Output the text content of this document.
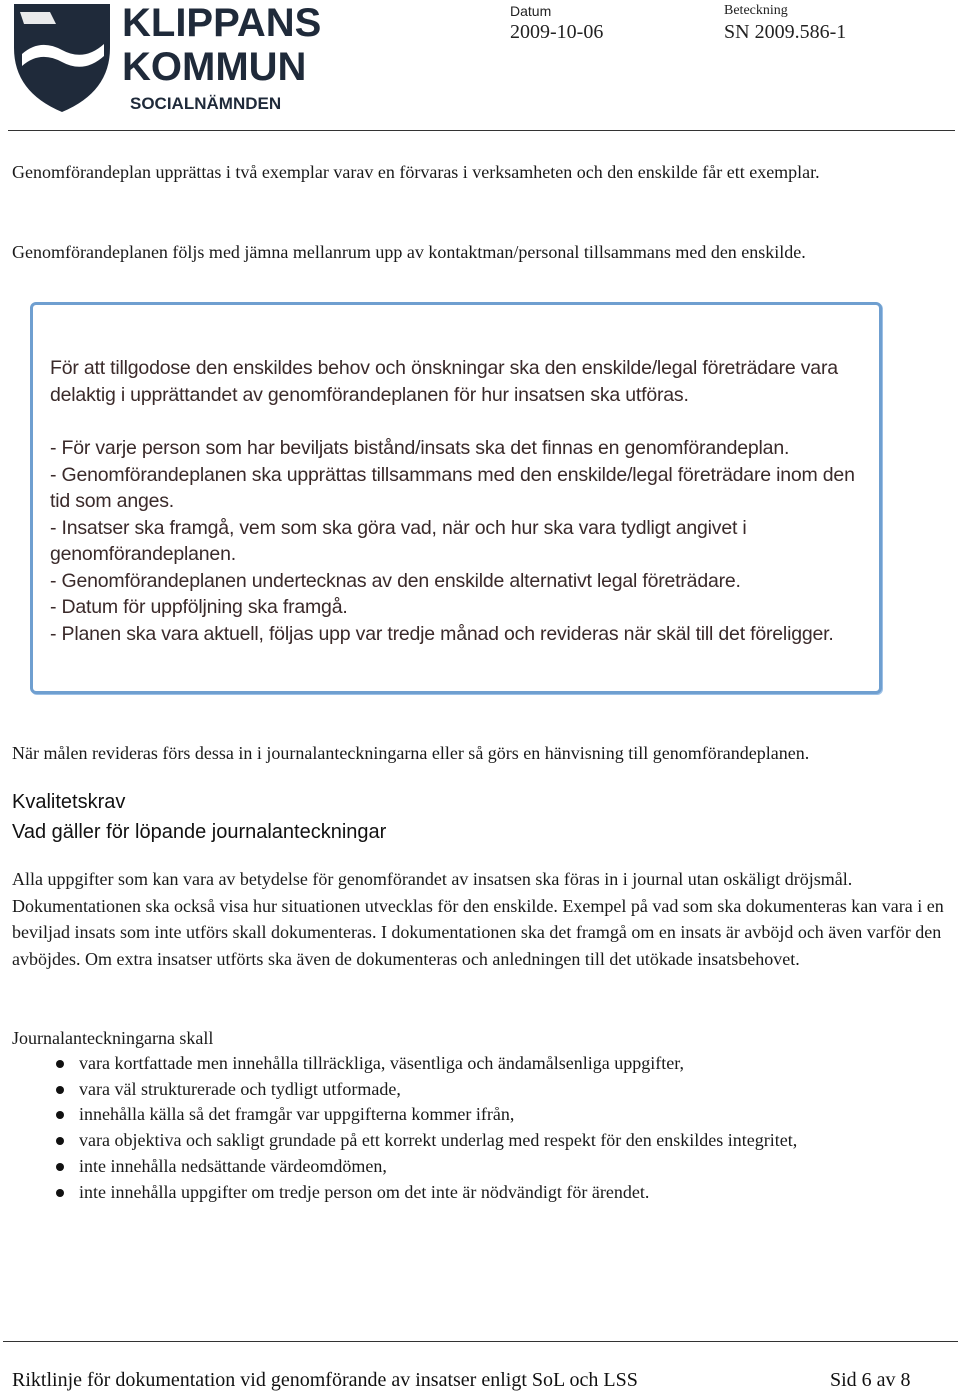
KLIPPANS
KOMMUN
SOCIALNÄMNDEN
Datum
2009-10-06
Beteckning
SN 2009.586-1
Genomförandeplan upprättas i två exemplar varav en förvaras i verksamheten och den enskilde får ett exemplar.
Genomförandeplanen följs med jämna mellanrum upp av kontaktman/personal tillsammans med den enskilde.

För att tillgodose den enskildes behov och önskningar ska den enskilde/legal företrädare vara delaktig i upprättandet av genomförandeplanen för hur insatsen ska utföras.

- För varje person som har beviljats bistånd/insats ska det finnas en genomförandeplan.

- Genomförandeplanen ska upprättas tillsammans med den enskilde/legal företrädare inom den tid som anges.

- Insatser ska framgå, vem som ska göra vad, när och hur ska vara tydligt angivet i genomförandeplanen.

- Genomförandeplanen undertecknas av den enskilde alternativt legal företrädare.

- Datum för uppföljning ska framgå.

- Planen ska vara aktuell, följas upp var tredje månad och revideras när skäl till det föreligger.

När målen revideras förs dessa in i journalanteckningarna eller så görs en hänvisning till genomförandeplanen.
Kvalitetskrav
Vad gäller för löpande journalanteckningar
Alla uppgifter som kan vara av betydelse för genomförandet av insatsen ska föras in i journal utan oskäligt dröjsmål. Dokumentationen ska också visa hur situationen utvecklas för den enskilde. Exempel på vad som ska dokumenteras kan vara i en beviljad insats som inte utförs skall dokumenteras. I dokumentationen ska det framgå om en insats är avböjd och även varför den avböjdes. Om extra insatser utförts ska även de dokumenteras och anledningen till det utökade insatsbehovet.
Journalanteckningarna skall
vara kortfattade men innehålla tillräckliga, väsentliga och ändamålsenliga uppgifter,
vara väl strukturerade och tydligt utformade,
innehålla källa så det framgår var uppgifterna kommer ifrån,
vara objektiva och sakligt grundade på ett korrekt underlag med respekt för den enskildes integritet,
inte innehålla nedsättande värdeomdömen,
inte innehålla uppgifter om tredje person om det inte är nödvändigt för ärendet.
Riktlinje för dokumentation vid genomförande av insatser enligt SoL och LSS	Sid 6 av 8
